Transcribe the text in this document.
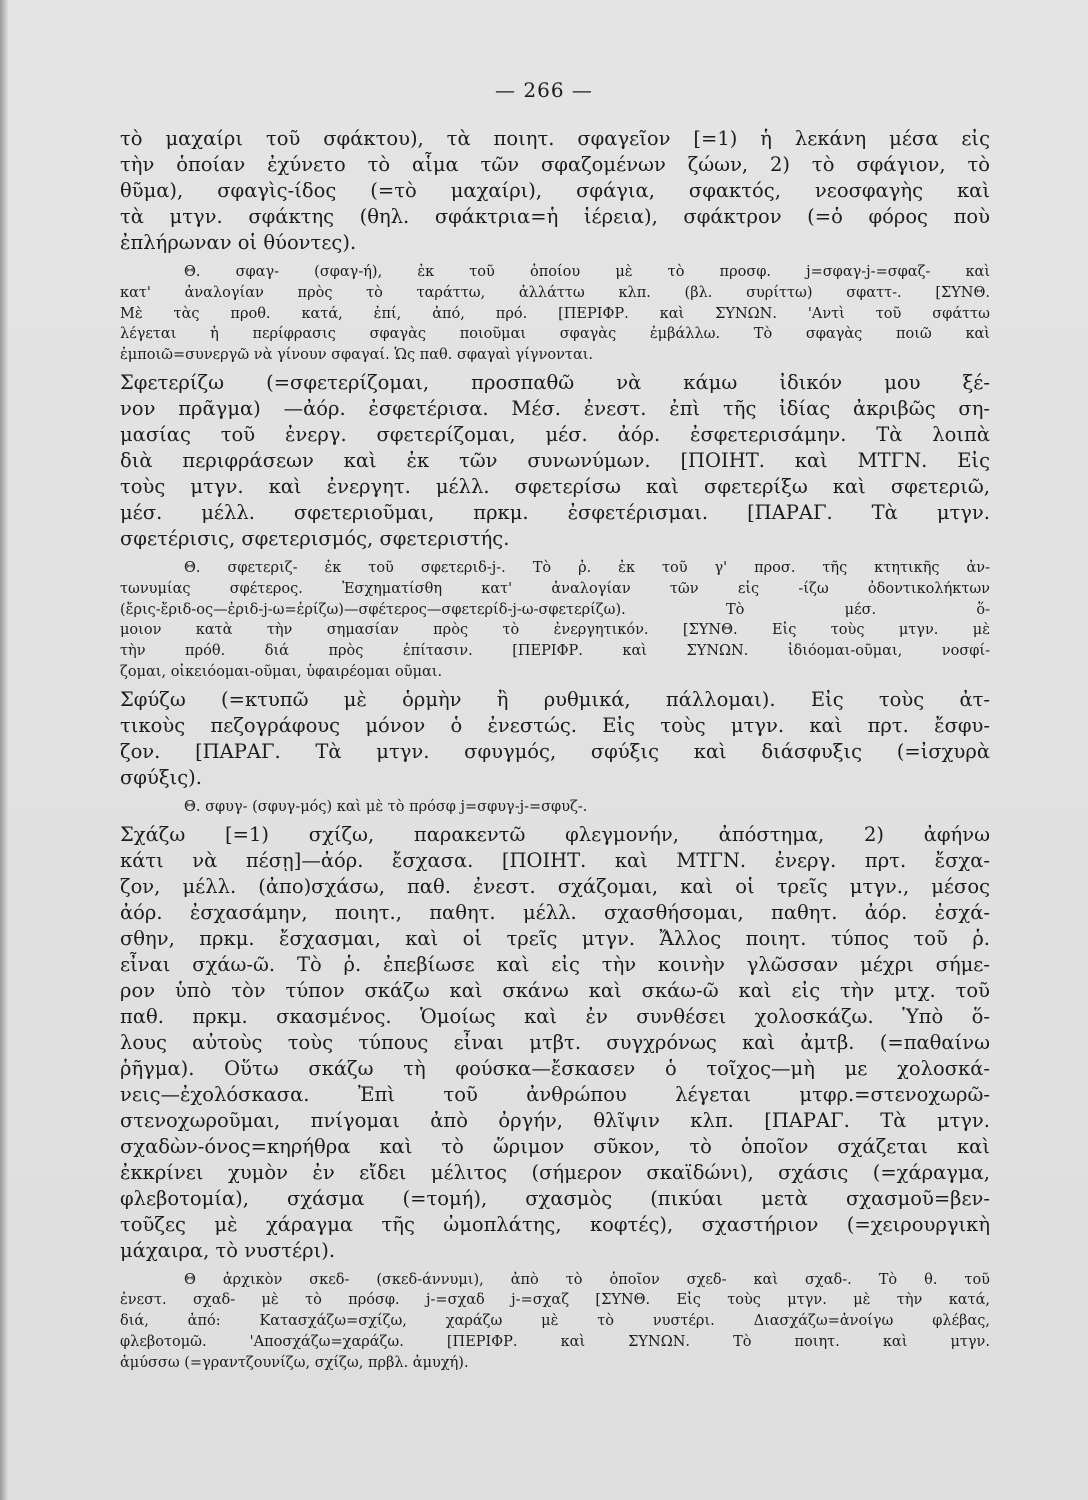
— 266 —
τὸ μαχαίρι τοῦ σφάκτου), τὰ ποιητ. σφαγεῖον [=1) ἡ λεκάνη μέσα εἰς
τὴν ὁποίαν ἐχύνετο τὸ αἷμα τῶν σφαζομένων ζώων, 2) τὸ σφάγιον, τὸ
θῦμα), σφαγὶς-ίδος (=τὸ μαχαίρι), σφάγια, σφακτός, νεοσφαγὴς καὶ
τὰ μτγν. σφάκτης (θηλ. σφάκτρια=ἡ ἱέρεια), σφάκτρον (=ὁ φόρος ποὺ
ἐπλήρωναν οἱ θύοντες).
Θ. σφαγ- (σφαγ-ή), ἐκ τοῦ ὁποίου μὲ τὸ προσφ. j=σφαγ-j-=σφαζ- καὶ
κατ' ἀναλογίαν πρὸς τὸ ταράττω, ἀλλάττω κλπ. (βλ. συρίττω) σφαττ-. [ΣΥΝΘ.
Μὲ τὰς προθ. κατά, ἐπί, ἀπό, πρό. [ΠΕΡΙΦΡ. καὶ ΣΥΝΩΝ. 'Αντὶ τοῦ σφάττω
λέγεται ἡ περίφρασις σφαγὰς ποιοῦμαι σφαγὰς ἐμβάλλω. Τὸ σφαγὰς ποιῶ καὶ
ἐμποιῶ=συνεργῶ νὰ γίνουν σφαγαί. Ὡς παθ. σφαγαὶ γίγνονται.
Σφετερίζω (=σφετερίζομαι, προσπαθῶ νὰ κάμω ἰδικόν μου ξέ-
νον πρᾶγμα) —ἀόρ. ἐσφετέρισα. Μέσ. ἐνεστ. ἐπὶ τῆς ἰδίας ἀκριβῶς ση-
μασίας τοῦ ἐνεργ. σφετερίζομαι, μέσ. ἀόρ. ἐσφετερισάμην. Τὰ λοιπὰ
διὰ περιφράσεων καὶ ἐκ τῶν συνωνύμων. [ΠΟΙΗΤ. καὶ ΜΤΓΝ. Εἰς
τοὺς μτγν. καὶ ἐνεργητ. μέλλ. σφετερίσω καὶ σφετερίξω καὶ σφετεριῶ,
μέσ. μέλλ. σφετεριοῦμαι, πρκμ. ἐσφετέρισμαι. [ΠΑΡΑΓ. Τὰ μτγν.
σφετέρισις, σφετερισμός, σφετεριστής.
Θ. σφετεριζ- ἐκ τοῦ σφετεριδ-j-. Τὸ ῥ. ἐκ τοῦ γ' προσ. τῆς κτητικῆς ἀν-
τωνυμίας σφέτερος. Ἐσχηματίσθη κατ' ἀναλογίαν τῶν εἰς -ίζω ὀδοντικολήκτων
(ἔρις-ἔριδ-ος—ἐριδ-j-ω=ἐρίζω)—σφέτερος—σφετερίδ-j-ω-σφετερίζω). Τὸ μέσ. ὅ-
μοιον κατὰ τὴν σημασίαν πρὸς τὸ ἐνεργητικόν. [ΣΥΝΘ. Εἰς τοὺς μτγν. μὲ
τὴν πρόθ. διά πρὸς ἐπίτασιν. [ΠΕΡΙΦΡ. καὶ ΣΥΝΩΝ. ἰδιόομαι-οῦμαι, νοσφί-
ζομαι, οἰκειόομαι-οῦμαι, ὑφαιρέομαι οῦμαι.
Σφύζω (=κτυπῶ μὲ ὁρμὴν ἢ ρυθμικά, πάλλομαι). Εἰς τοὺς ἀτ-
τικοὺς πεζογράφους μόνον ὁ ἐνεστώς. Εἰς τοὺς μτγν. καὶ πρτ. ἔσφυ-
ζον. [ΠΑΡΑΓ. Τὰ μτγν. σφυγμός, σφύξις καὶ διάσφυξις (=ἰσχυρὰ
σφύξις).
Θ. σφυγ- (σφυγ-μός) καὶ μὲ τὸ πρόσφ j=σφυγ-j-=σφυζ-.
Σχάζω [=1) σχίζω, παρακεντῶ φλεγμονήν, ἀπόστημα, 2) ἀφήνω
κάτι νὰ πέσῃ]—ἀόρ. ἔσχασα. [ΠΟΙΗΤ. καὶ ΜΤΓΝ. ἐνεργ. πρτ. ἔσχα-
ζον, μέλλ. (ἀπο)σχάσω, παθ. ἐνεστ. σχάζομαι, καὶ οἱ τρεῖς μτγν., μέσος
ἀόρ. ἐσχασάμην, ποιητ., παθητ. μέλλ. σχασθήσομαι, παθητ. ἀόρ. ἐσχά-
σθην, πρκμ. ἔσχασμαι, καὶ οἱ τρεῖς μτγν. Ἄλλος ποιητ. τύπος τοῦ ῥ.
εἶναι σχάω-ῶ. Τὸ ῥ. ἐπεβίωσε καὶ εἰς τὴν κοινὴν γλῶσσαν μέχρι σήμε-
ρον ὑπὸ τὸν τύπον σκάζω καὶ σκάνω καὶ σκάω-ῶ καὶ εἰς τὴν μτχ. τοῦ
παθ. πρκμ. σκασμένος. Ὁμοίως καὶ ἐν συνθέσει χολοσκάζω. Ὑπὸ ὅ-
λους αὐτοὺς τοὺς τύπους εἶναι μτβτ. συγχρόνως καὶ ἀμτβ. (=παθαίνω
ῥῆγμα). Οὕτω σκάζω τὴ φούσκα—ἔσκασεν ὁ τοῖχος—μὴ με χολοσκά-
νεις—ἐχολόσκασα. Ἐπὶ τοῦ ἀνθρώπου λέγεται μτφρ.=στενοχωρῶ-
στενοχωροῦμαι, πνίγομαι ἀπὸ ὀργήν, θλῖψιν κλπ. [ΠΑΡΑΓ. Τὰ μτγν.
σχαδὼν-όνος=κηρήθρα καὶ τὸ ὥριμον σῦκον, τὸ ὁποῖον σχάζεται καὶ
ἐκκρίνει χυμὸν ἐν εἴδει μέλιτος (σήμερον σκαϊδώνι), σχάσις (=χάραγμα,
φλεβοτομία), σχάσμα (=τομή), σχασμὸς (πικύαι μετὰ σχασμοῦ=βεν-
τοῦζες μὲ χάραγμα τῆς ὠμοπλάτης, κοφτές), σχαστήριον (=χειρουργικὴ
μάχαιρα, τὸ νυστέρι).
Θ ἀρχικὸν σκεδ- (σκεδ-άννυμι), ἀπὸ τὸ ὁποῖον σχεδ- καὶ σχαδ-. Τὸ θ. τοῦ
ἐνεστ. σχαδ- μὲ τὸ πρόσφ. j-=σχαδ j-=σχαζ [ΣΥΝΘ. Εἰς τοὺς μτγν. μὲ τὴν κατά,
διά, ἀπό: Κατασχάζω=σχίζω, χαράζω μὲ τὸ νυστέρι. Διασχάζω=ἀνοίγω φλέβας,
φλεβοτομῶ. 'Αποσχάζω=χαράζω. [ΠΕΡΙΦΡ. καὶ ΣΥΝΩΝ. Τὸ ποιητ. καὶ μτγν.
ἀμύσσω (=γραντζουνίζω, σχίζω, πρβλ. ἀμυχή).
